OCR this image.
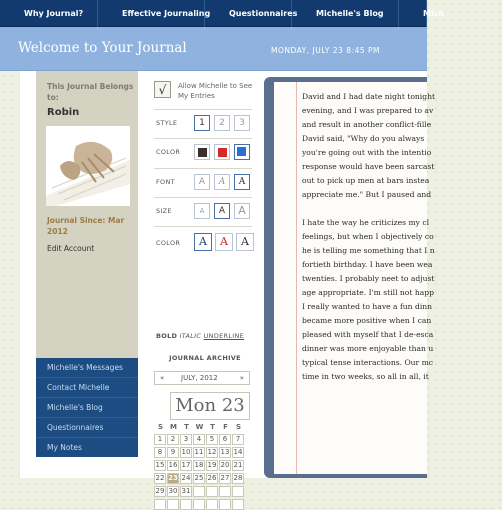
Why Journal?	Effective Journaling	Questionnaires	Michelle's Blog	Mich
Welcome to Your Journal	MONDAY, JULY 23 8:45 PM
This Journal Belongs to:
Robin
Journal Since: Mar 2012
Edit Account
Michelle's Messages
Contact Michelle
Michelle's Blog
Questionnaires
My Notes
√	Allow Michelle to See My Entries
STYLE	1	2	3
COLOR
FONT	A	A	A
SIZE	A	A	A
COLOR	A	A	A
BOLD ITALIC UNDERLINE
JOURNAL ARCHIVE
« JULY, 2012	»
Mon 23
S M T W T F S
1	2	3	4	5	6	7
8	9 10 11 12 13 14
15 16 17 18 19 20 21
22 23 24 25 26 27 28
29 30 31

David and I had date night tonight
evening, and I was prepared to av
and result in another conflict-fille
David said, "Why do you always
you're going out with the intentio
response would have been sarcast
out to pick up men at bars instea
appreciate me." But I paused and

I hate the way he criticizes my cl
feelings, but when I objectively co
he is telling me something that I n
fortieth birthday. I have been wea
twenties. I probably neet to adjust
age appropriate. I'm still not happ
I really wanted to have a fun dinn
became more positive when I can
pleased with myself that I de-esca
dinner was more enjoyable than u
typical tense interactions. Our mc
time in two weeks, so all in all, it
